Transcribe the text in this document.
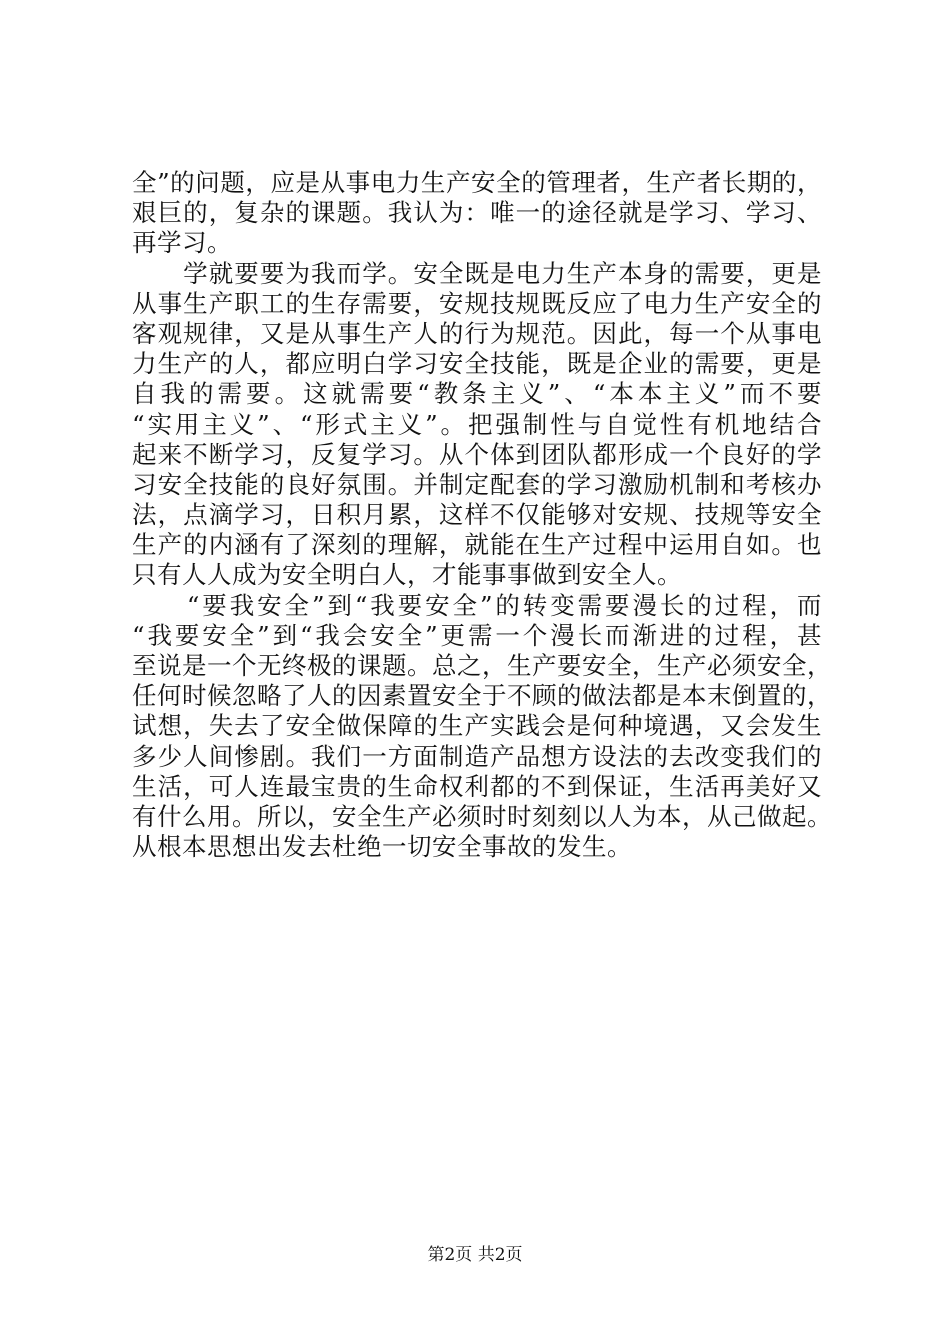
全”的问题，应是从事电力生产安全的管理者，生产者长期的，
艰巨的，复杂的课题。我认为：唯一的途径就是学习、学习、
再学习。
　　学就要要为我而学。安全既是电力生产本身的需要，更是
从事生产职工的生存需要，安规技规既反应了电力生产安全的
客观规律，又是从事生产人的行为规范。因此，每一个从事电
力生产的人，都应明白学习安全技能，既是企业的需要，更是
自我的需要。这就需要“教条主义”、“本本主义”而不要
“实用主义”、“形式主义”。把强制性与自觉性有机地结合
起来不断学习，反复学习。从个体到团队都形成一个良好的学
习安全技能的良好氛围。并制定配套的学习激励机制和考核办
法，点滴学习，日积月累，这样不仅能够对安规、技规等安全
生产的内涵有了深刻的理解，就能在生产过程中运用自如。也
只有人人成为安全明白人，才能事事做到安全人。
　　“要我安全”到“我要安全”的转变需要漫长的过程，而
“我要安全”到“我会安全”更需一个漫长而渐进的过程，甚
至说是一个无终极的课题。总之，生产要安全，生产必须安全，
任何时候忽略了人的因素置安全于不顾的做法都是本末倒置的，
试想，失去了安全做保障的生产实践会是何种境遇，又会发生
多少人间惨剧。我们一方面制造产品想方设法的去改变我们的
生活，可人连最宝贵的生命权利都的不到保证，生活再美好又
有什么用。所以，安全生产必须时时刻刻以人为本，从己做起。
从根本思想出发去杜绝一切安全事故的发生。
第2页 共2页
